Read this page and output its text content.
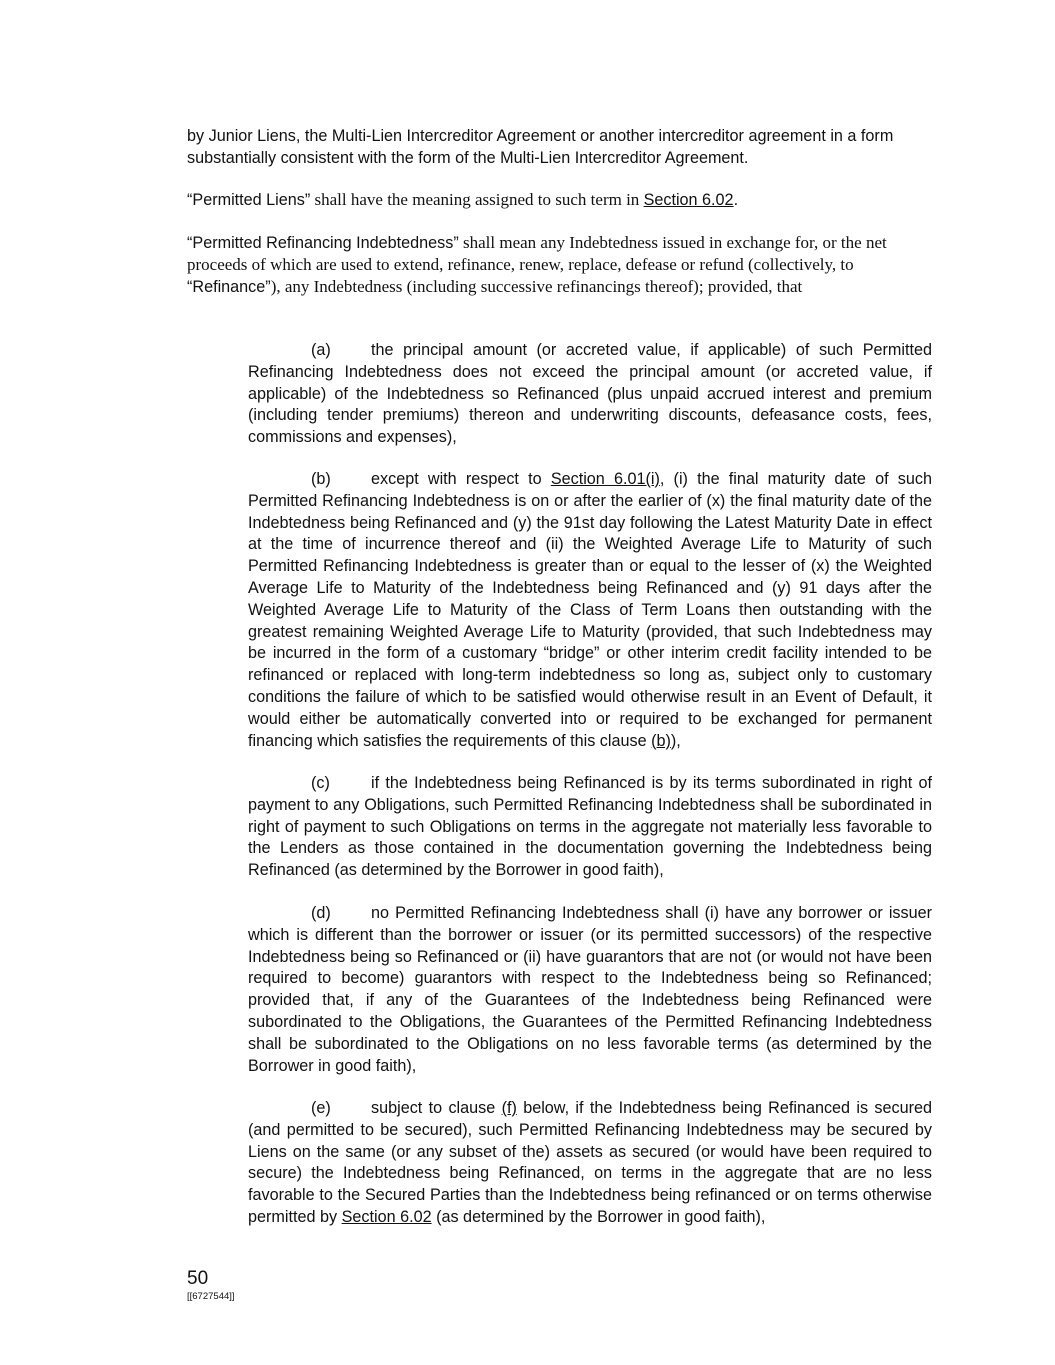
by Junior Liens, the Multi-Lien Intercreditor Agreement or another intercreditor agreement in a form substantially consistent with the form of the Multi-Lien Intercreditor Agreement.

“Permitted Liens” shall have the meaning assigned to such term in Section 6.02.

“Permitted Refinancing Indebtedness” shall mean any Indebtedness issued in exchange for, or the net proceeds of which are used to extend, refinance, renew, replace, defease or refund (collectively, to “Refinance”), any Indebtedness (including successive refinancings thereof); provided, that

(a) the principal amount (or accreted value, if applicable) of such Permitted Refinancing Indebtedness does not exceed the principal amount (or accreted value, if applicable) of the Indebtedness so Refinanced (plus unpaid accrued interest and premium (including tender premiums) thereon and underwriting discounts, defeasance costs, fees, commissions and expenses),

(b) except with respect to Section 6.01(i), (i) the final maturity date of such Permitted Refinancing Indebtedness is on or after the earlier of (x) the final maturity date of the Indebtedness being Refinanced and (y) the 91st day following the Latest Maturity Date in effect at the time of incurrence thereof and (ii) the Weighted Average Life to Maturity of such Permitted Refinancing Indebtedness is greater than or equal to the lesser of (x) the Weighted Average Life to Maturity of the Indebtedness being Refinanced and (y) 91 days after the Weighted Average Life to Maturity of the Class of Term Loans then outstanding with the greatest remaining Weighted Average Life to Maturity (provided, that such Indebtedness may be incurred in the form of a customary “bridge” or other interim credit facility intended to be refinanced or replaced with long-term indebtedness so long as, subject only to customary conditions the failure of which to be satisfied would otherwise result in an Event of Default, it would either be automatically converted into or required to be exchanged for permanent financing which satisfies the requirements of this clause (b)),

(c)	if the Indebtedness being Refinanced is by its terms subordinated in right of payment to any Obligations, such Permitted Refinancing Indebtedness shall be subordinated in right of payment to such Obligations on terms in the aggregate not materially less favorable to the Lenders as those contained in the documentation governing the Indebtedness being Refinanced (as determined by the Borrower in good faith),

(d) no Permitted Refinancing Indebtedness shall (i) have any borrower or issuer which is different than the borrower or issuer (or its permitted successors) of the respective Indebtedness being so Refinanced or (ii) have guarantors that are not (or would not have been required to become) guarantors with respect to the Indebtedness being so Refinanced; provided that, if any of the Guarantees of the Indebtedness being Refinanced were subordinated to the Obligations, the Guarantees of the Permitted Refinancing Indebtedness shall be subordinated to the Obligations on no less favorable terms (as determined by the Borrower in good faith),

(e) subject to clause (f) below, if the Indebtedness being Refinanced is secured (and permitted to be secured), such Permitted Refinancing Indebtedness may be secured by Liens on the same (or any subset of the) assets as secured (or would have been required to secure) the Indebtedness being Refinanced, on terms in the aggregate that are no less favorable to the Secured Parties than the Indebtedness being refinanced or on terms otherwise permitted by Section 6.02 (as determined by the Borrower in good faith),

50

[[6727544]]
